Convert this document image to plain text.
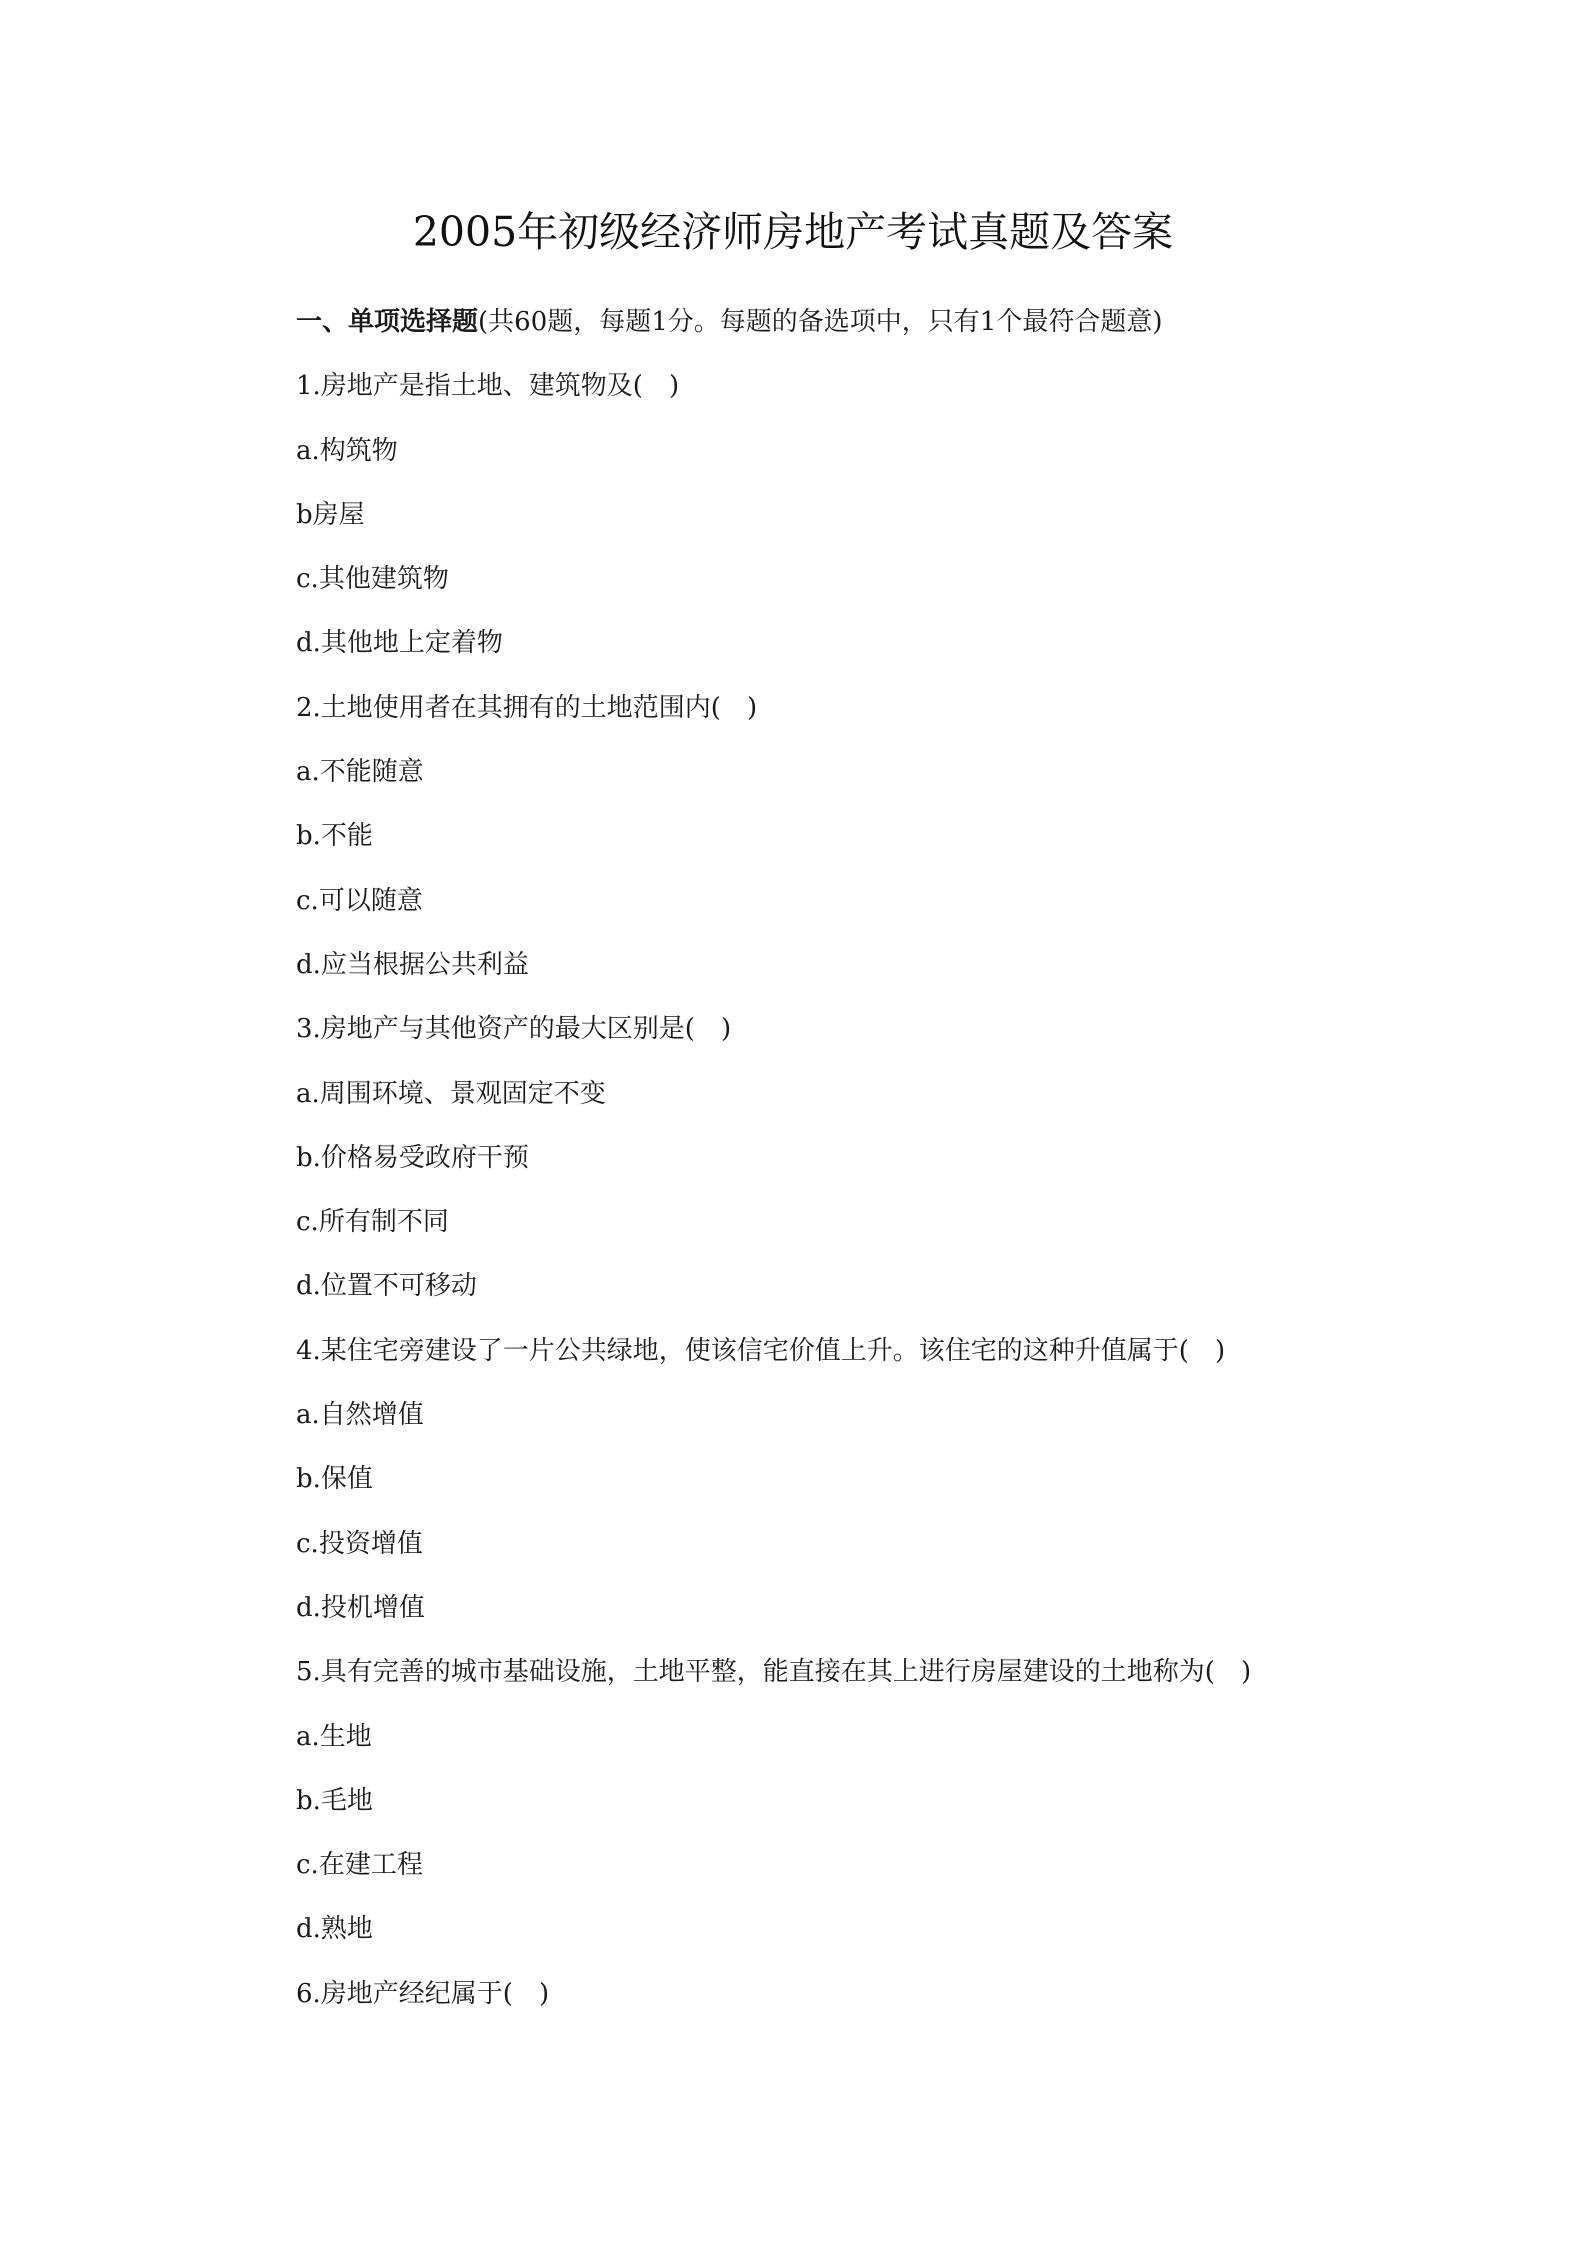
2005年初级经济师房地产考试真题及答案
一、单项选择题(共60题，每题1分。每题的备选项中，只有1个最符合题意)
1.房地产是指土地、建筑物及(　)
a.构筑物
b房屋
c.其他建筑物
d.其他地上定着物
2.土地使用者在其拥有的土地范围内(　)
a.不能随意
b.不能
c.可以随意
d.应当根据公共利益
3.房地产与其他资产的最大区别是(　)
a.周围环境、景观固定不变
b.价格易受政府干预
c.所有制不同
d.位置不可移动
4.某住宅旁建设了一片公共绿地，使该信宅价值上升。该住宅的这种升值属于(　)
a.自然增值
b.保值
c.投资增值
d.投机增值
5.具有完善的城市基础设施，土地平整，能直接在其上进行房屋建设的土地称为(　)
a.生地
b.毛地
c.在建工程
d.熟地
6.房地产经纪属于(　)
